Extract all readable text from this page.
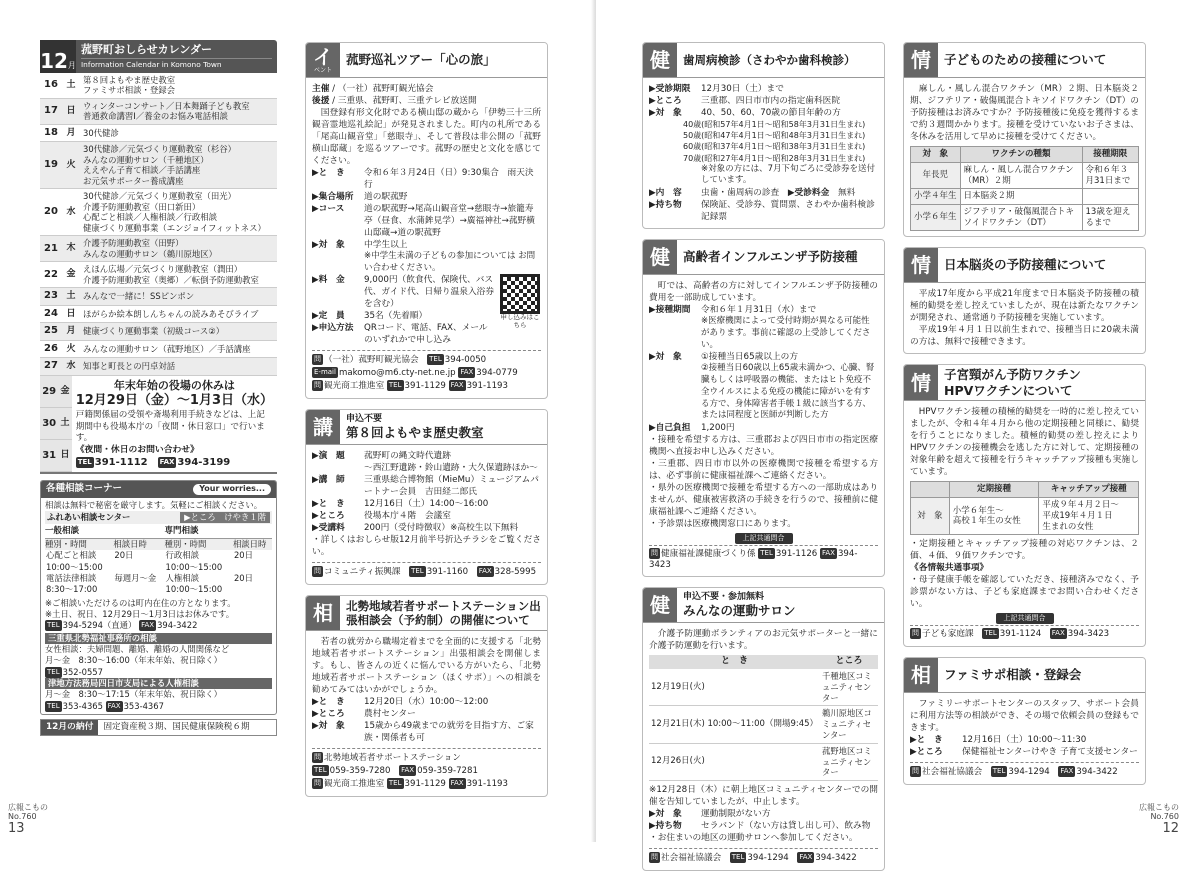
12 月
菰野町おしらせカレンダー
Information Calendar in Komono Town
16	土	第８回よもやま歴史教室
ファミサポ相談・登録会
17	日	ウィンターコンサート／日本舞踊子ども教室
普通救命講習Ⅰ／養金のお悩み電話相談
18	月	30代健診
19	火	30代健診／元気づくり運動教室（杉谷）
みんなの運動サロン（千種地区）
ええやん子育て相談／手話講座
お元気サポーター養成講座
20	水	30代健診／元気づくり運動教室（田光）
介護予防運動教室（田口新田）
心配ごと相談／人権相談／行政相談
健康づくり運動事業（エンジョイフィットネス）
21	木	介護予防運動教室（田野）
みんなの運動サロン（鵜川原地区）
22	金	えほん広場／元気づくり運動教室（潤田）
介護予防運動教室（奥郷）／転倒予防運動教室
23	土	みんなで一緒に！SSピンポン
24	日	ほがらか絵本朗しんちゃんの読みあそびライブ
25	月	健康づくり運動事業（初級コース②）
26	火	みんなの運動サロン（菰野地区）／手話講座
27	水	知事と町長との円卓対話
29 金
30 土
31 日
年末年始の役場の休みは
12月29日（金）～1月3日（水）
戸籍関係届の受領や斎場利用手続きなどは、上記期間中も役場本庁の「夜間・休日窓口」で行います。
《夜間・休日のお問い合わせ》
TEL 391-1112　 FAX 394-3199
各種相談コーナー	Your worries...
相談は無料で秘密を厳守します。気軽にご相談ください。
ふれあい相談センター	▶ところ　けやき１階
一般相談		専門相談	
種別・時間	相談日時	種別・時間	相談日時
心配ごと相談	20日	行政相談	20日
10:00～15:00		10:00～15:00	
電話法律相談	毎週月～金	人権相談	20日
8:30～17:00		10:00～15:00	
※ご相談いただけるのは町内在住の方となります。
※土日、祝日、12月29日～1月3日はお休みです。
TEL 394-5294（直通） FAX 394-3422
三重県北勢福祉事務所の相談
女性相談：夫婦問題、離婚、離婚の人間関係など
月～金　8:30～16:00（年末年始、祝日除く）
TEL 352-0557
津地方法務局四日市支局による人権相談
月～金　8:30～17:15（年末年始、祝日除く）
TEL 353-4365 FAX 353-4367
12月の納付	固定資産税３期、国民健康保険税６期
イ
ベント
菰野巡礼ツアー「心の旅」
主催 / （一社）菰野町観光協会
後援 / 三重県、菰野町、三重テレビ放送開
国登録有形文化財である横山邸の蔵から「伊勢三十三所観音霊地巡礼絵記」が発見されました。町内の札所である「尾高山観音堂」「慈眼寺」、そして普段は非公開の「菰野横山邸蔵」を巡るツアーです。菰野の歴史と文化を感じてください。
▶と　き	令和６年３月24日（日）9:30集合　雨天決行
▶集合場所	道の駅菰野
▶コース	道の駅菰野→尾高山観音堂→慈眼寺→旅籠寿亭（昼食、水蒲鉾見学）→廣福神社→菰野横山邸蔵→道の駅菰野
▶対　象	中学生以上
※中学生未満の子どもの参加については お問い合わせください。
▶料　金	9,000円（飲食代、保険代、バス代、ガイド代、日帰り温泉入浴券を含む）
▶定　員	35名（先着順）
▶申込方法	QRコード、電話、FAX、メールのいずれかで申し込み
申し込みはこちら
問 （一社）菰野町観光協会　 TEL 394-0050
E-mail makomo@m6.cty-net.ne.jp FAX 394-0779
問 観光商工推進室 TEL 391-1129 FAX 391-1193
講 申込不要
第８回よもやま歴史教室
▶演　題	菰野町の縄文時代遺跡
～西江野遺跡・鈴山遺跡・大久保遺跡ほか～
▶講　師	三重県総合博物館（MieMu）ミュージアムパートナー会員　吉田経二郎氏
▶と　き	12月16日（土）14:00～16:00
▶ところ	役場本庁４階　会議室
▶受講料	200円（受付時徴収）※高校生以下無料
・詳しくはおしらせ版12月前半号折込チラシをご覧ください。
問 コミュニティ振興課　 TEL 391-1160　 FAX 328-5995
相	北勢地域若者サポートステーション出張相談会（予約制）の開催について
若者の就労から職場定着までを全面的に支援する「北勢地域若者サポートステーション」出張相談会を開催します。もし、皆さんの近くに悩んでいる方がいたら、「北勢地域若者サポートステーション（ほくサポ）」への相談を勧めてみてはいかがでしょうか。
▶と　き	12月20日（水）10:00～12:00
▶ところ	農村センター
▶対　象	15歳から49歳までの就労を目指す方、ご家族・関係者も可
問 北勢地域若者サポートステーション
TEL 059-359-7280　 FAX 059-359-7281
問 観光商工推進室 TEL 391-1129 FAX 391-1193
広報こもの
No.760
13
健	歯周病検診（さわやか歯科検診）
▶受診期限	12月30日（土）まで
▶ところ	三重郡、四日市市内の指定歯科医院
▶対　象	40、50、60、70歳の節目年齢の方
40歳(昭和57年4月1日～昭和58年3月31日生まれ)
50歳(昭和47年4月1日～昭和48年3月31日生まれ)
60歳(昭和37年4月1日～昭和38年3月31日生まれ)
70歳(昭和27年4月1日～昭和28年3月31日生まれ)
※対象の方には、7月下旬ごろに受診券を送付しています。
▶内　容	虫歯・歯周病の診査　 ▶受診料金　 無料
▶持ち物	保険証、受診券、質問票、さわやか歯科検診記録票
健	高齢者インフルエンザ予防接種
町では、高齢者の方に対してインフルエンザ予防接種の費用を一部助成しています。
▶接種期間	令和６年１月31日（水）まで
※医療機関によって受付時期が異なる可能性があります。事前に確認の上受診してください。
▶対　象	①接種当日65歳以上の方
②接種当日60歳以上65歳未満かつ、心臓、腎臓もしくは呼吸器の機能、またはヒト免疫不全ウイルスによる免疫の機能に障がいを有する方で、身体障害者手帳１級に該当する方、または同程度と医師が判断した方
▶自己負担	1,200円
・接種を希望する方は、三重郡および四日市市の指定医療機関へ直接お申し込みください。
・三重郡、四日市市以外の医療機関で接種を希望する方は、必ず事前に健康福祉課へご連絡ください。
・県外の医療機関で接種を希望する方への一部助成はありませんが、健康被害救済の手続きを行うので、接種前に健康福祉課へご連絡ください。
・予診票は医療機関窓口にあります。
上記共通問合
問 健康福祉課健康づくり係 TEL 391-1126 FAX 394-3423
健 申込不要・参加無料
みんなの運動サロン
介護予防運動ボランティアのお元気サポーターと一緒に介護予防運動を行います。
と　き	ところ
12月19日(火)	千種地区コミュニティセンター
12月21日(木) 10:00～11:00（開場9:45）	鵜川原地区コミュニティセンター
12月26日(火)	菰野地区コミュニティセンター
※12月28日（木）に朝上地区コミュニティセンターでの開催を告知していましたが、中止します。
▶対　象	運動制限がない方
▶持ち物	セラバンド（ない方は貸し出し可）、飲み物
・お住まいの地区の運動サロンへ参加してください。
問 社会福祉協議会　 TEL 394-1294　 FAX 394-3422
情	子どものための接種について
麻しん・風しん混合ワクチン（MR）２期、日本脳炎２期、ジフテリア・破傷風混合トキソイドワクチン（DT）の予防接種はお済みですか？予防接種後に免疫を獲得するまで約３週間かかります。接種を受けていないお子さまは、冬休みを活用して早めに接種を受けてください。
対　象	ワクチンの種類	接種期限
年長児	麻しん・風しん混合ワクチン（MR）２期	令和６年３月31日まで
小学４年生	日本脳炎２期	
小学６年生	ジフテリア・破傷風混合トキソイドワクチン（DT）	13歳を迎えるまで
情	日本脳炎の予防接種について
平成17年度から平成21年度まで日本脳炎予防接種の積極的勧奨を差し控えていましたが、現在は新たなワクチンが開発され、通常通り予防接種を実施しています。
平成19年４月１日以前生まれで、接種当日に20歳未満の方は、無料で接種できます。
情 子宮頸がん予防ワクチン
HPVワクチンについて
HPVワクチン接種の積極的勧奨を一時的に差し控えていましたが、令和４年４月から他の定期接種と同様に、勧奨を行うことになりました。積極的勧奨の差し控えにより HPVワクチンの接種機会を逃した方に対して、定期接種の対象年齢を超えて接種を行うキャッチアップ接種も実施しています。
	定期接種	キャッチアップ接種
対　象	小学６年生～
高校１年生の女性	平成９年４月２日～
平成19年４月１日
生まれの女性
・定期接種とキャッチアップ接種の対応ワクチンは、２価、４価、９価ワクチンです。
《各情報共通事項》
・母子健康手帳を確認していただき、接種済みでなく、予診票がない方は、子ども家庭課までお問い合わせください。
上記共通問合
問 子ども家庭課　 TEL 391-1124　 FAX 394-3423
相	ファミサポ相談・登録会
ファミリーサポートセンターのスタッフ、サポート会員に利用方法等の相談ができ、その場で依頼会員の登録もできます。
▶と　き	12月16日（土）10:00～11:30
▶ところ	保健福祉センターけやき 子育て支援センター
問 社会福祉協議会　 TEL 394-1294　 FAX 394-3422
広報こもの
No.760
12
